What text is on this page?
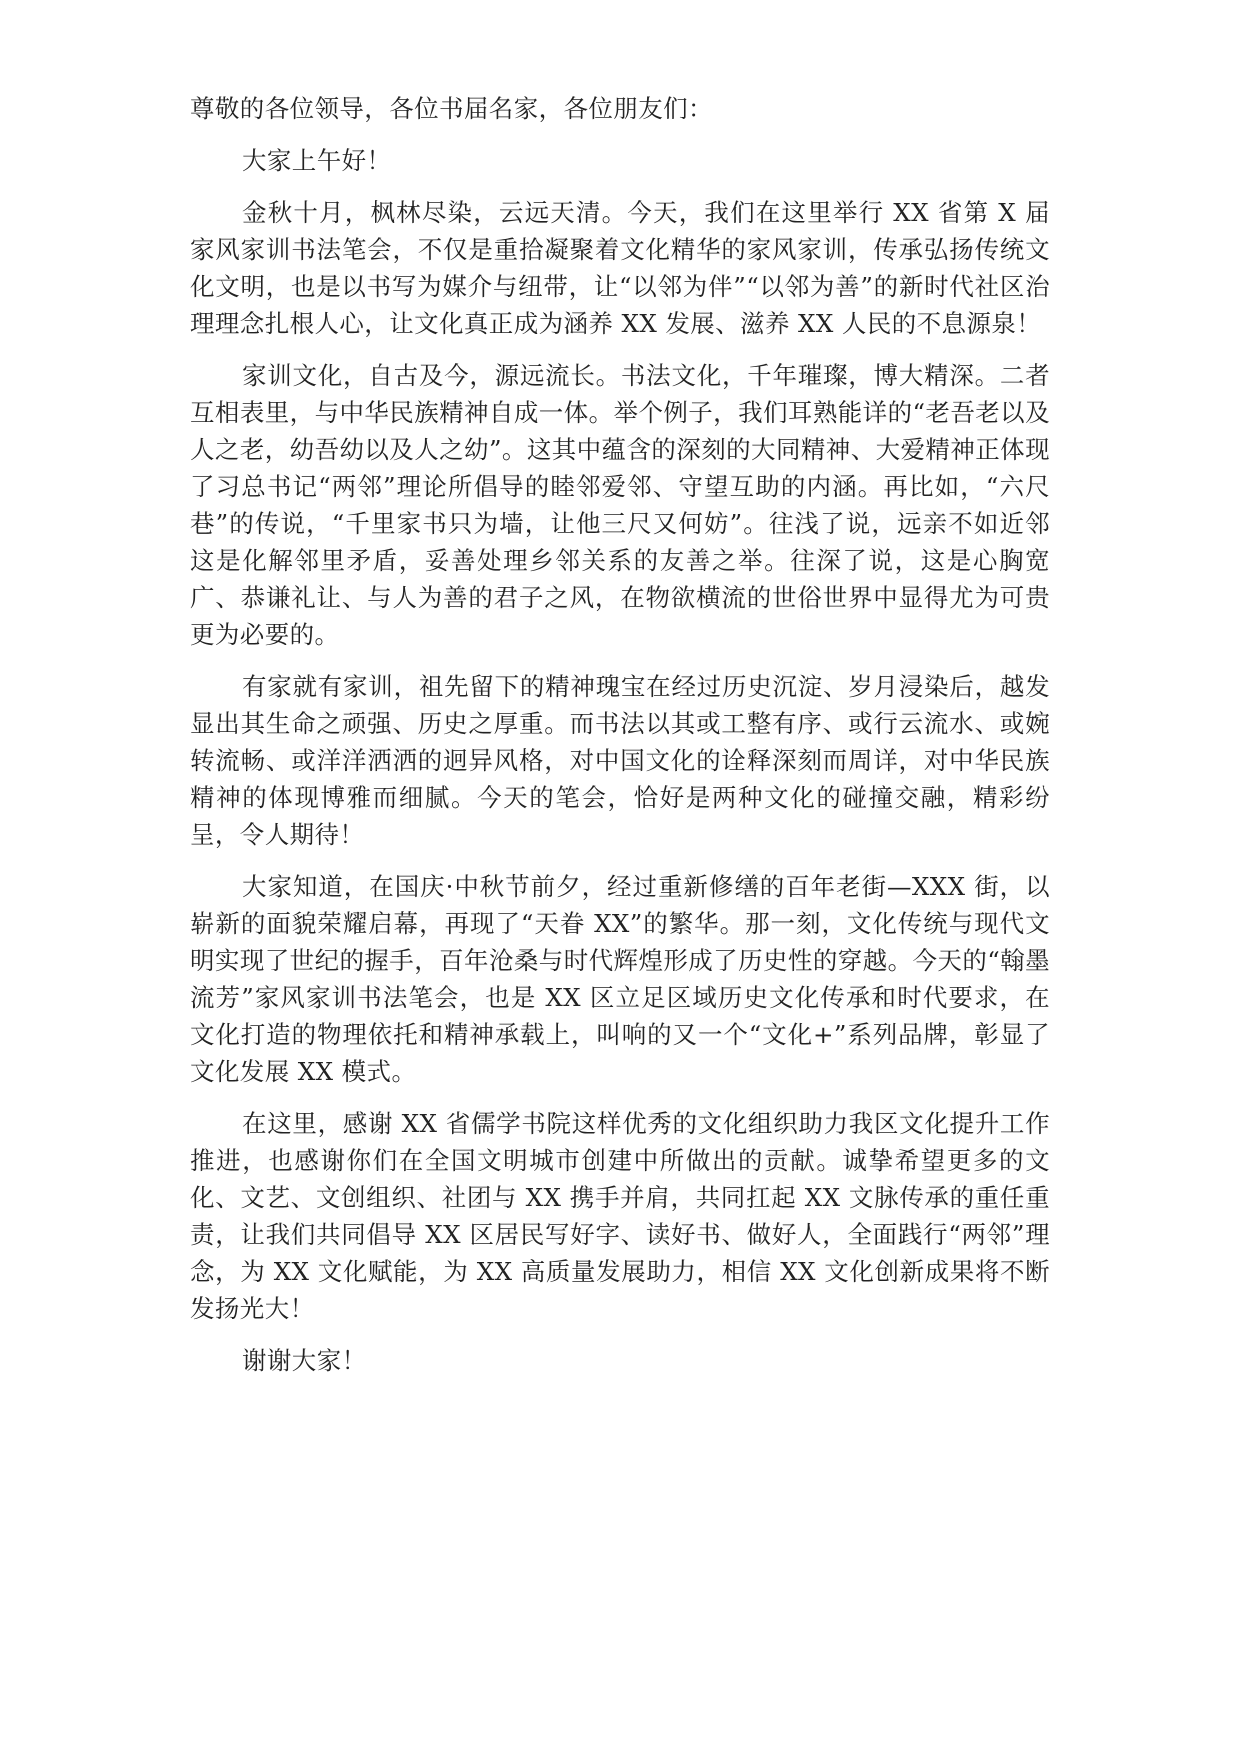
尊敬的各位领导，各位书届名家，各位朋友们：

大家上午好！

金秋十月，枫林尽染，云远天清。今天，我们在这里举行 XX 省第 X 届家风家训书法笔会，不仅是重拾凝聚着文化精华的家风家训，传承弘扬传统文化文明，也是以书写为媒介与纽带，让“以邻为伴”“以邻为善”的新时代社区治理理念扎根人心，让文化真正成为涵养 XX 发展、滋养 XX 人民的不息源泉！

家训文化，自古及今，源远流长。书法文化，千年璀璨，博大精深。二者互相表里，与中华民族精神自成一体。举个例子，我们耳熟能详的“老吾老以及人之老，幼吾幼以及人之幼”。这其中蕴含的深刻的大同精神、大爱精神正体现了习总书记“两邻”理论所倡导的睦邻爱邻、守望互助的内涵。再比如，“六尺巷”的传说，“千里家书只为墙，让他三尺又何妨”。往浅了说，远亲不如近邻这是化解邻里矛盾，妥善处理乡邻关系的友善之举。往深了说，这是心胸宽广、恭谦礼让、与人为善的君子之风，在物欲横流的世俗世界中显得尤为可贵更为必要的。

有家就有家训，祖先留下的精神瑰宝在经过历史沉淀、岁月浸染后，越发显出其生命之顽强、历史之厚重。而书法以其或工整有序、或行云流水、或婉转流畅、或洋洋洒洒的迥异风格，对中国文化的诠释深刻而周详，对中华民族精神的体现博雅而细腻。今天的笔会，恰好是两种文化的碰撞交融，精彩纷呈，令人期待！

大家知道，在国庆·中秋节前夕，经过重新修缮的百年老街—XXX 街，以崭新的面貌荣耀启幕，再现了“天眷 XX”的繁华。那一刻，文化传统与现代文明实现了世纪的握手，百年沧桑与时代辉煌形成了历史性的穿越。今天的“翰墨流芳”家风家训书法笔会，也是 XX 区立足区域历史文化传承和时代要求，在文化打造的物理依托和精神承载上，叫响的又一个“文化+”系列品牌，彰显了文化发展 XX 模式。

在这里，感谢 XX 省儒学书院这样优秀的文化组织助力我区文化提升工作推进，也感谢你们在全国文明城市创建中所做出的贡献。诚挚希望更多的文化、文艺、文创组织、社团与 XX 携手并肩，共同扛起 XX 文脉传承的重任重责，让我们共同倡导 XX 区居民写好字、读好书、做好人，全面践行“两邻”理念，为 XX 文化赋能，为 XX 高质量发展助力，相信 XX 文化创新成果将不断发扬光大！

谢谢大家！
